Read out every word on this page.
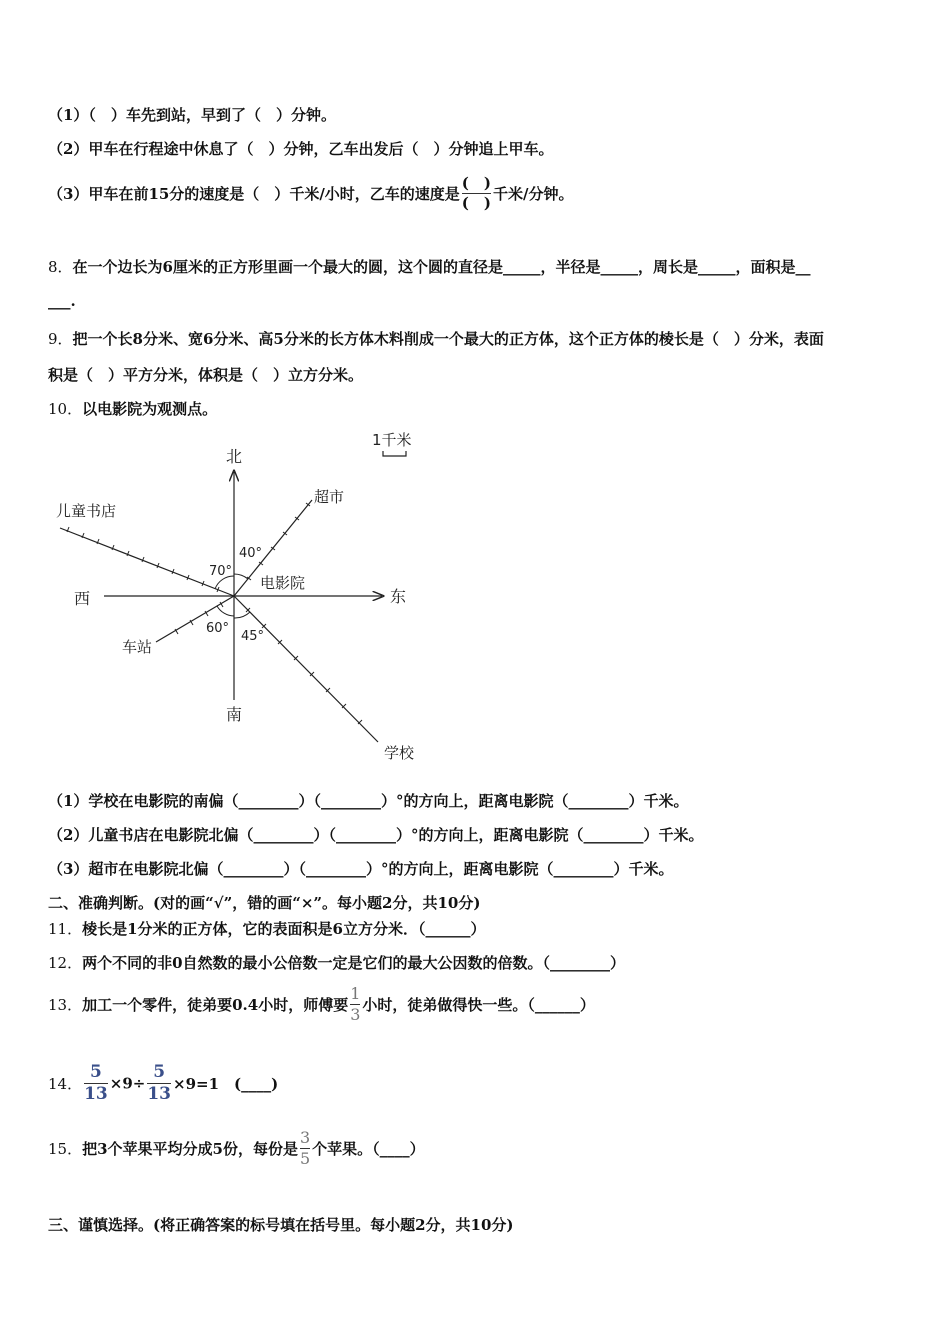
（1）（　）车先到站，早到了（　）分钟。
（2）甲车在行程途中休息了（　）分钟，乙车出发后（　）分钟追上甲车。
（3）甲车在前15分的速度是（　）千米/小时，乙车的速度是 $\frac{( )}{( )}$ 千米/分钟。
8．在一个边长为6厘米的正方形里画一个最大的圆，这个圆的直径是_____，半径是_____，周长是_____，面积是__
___.
9．把一个长8分米、宽6分米、高5分米的长方体木料削成一个最大的正方体，这个正方体的棱长是（　）分米，表面
积是（　）平方分米，体积是（　）立方分米。
10．以电影院为观测点。
1千米
北
南
东
西
电影院
超市
儿童书店
车站
学校
40°
70°
60°
45°
（1）学校在电影院的南偏（________）（________）°的方向上，距离电影院（________）千米。
（2）儿童书店在电影院北偏（________）（________）°的方向上，距离电影院（________）千米。
（3）超市在电影院北偏（________）（________）°的方向上，距离电影院（________）千米。
二、准确判断。(对的画“√”，错的画“×”。每小题2分，共10分)
11．棱长是1分米的正方体，它的表面积是6立方分米．（______）
12．两个不同的非0自然数的最小公倍数一定是它们的最大公因数的倍数。（________）
13．加工一个零件，徒弟要0.4小时，师傅要 $\frac{1}{3}$ 小时，徒弟做得快一些。（______）
14． $\frac{5}{13} \times 9\div \frac{5}{13} \times 9=1$　(____)
15．把3个苹果平均分成5份，每份是 $\frac{3}{5}$ 个苹果。（____）
三、谨慎选择。(将正确答案的标号填在括号里。每小题2分，共10分)
